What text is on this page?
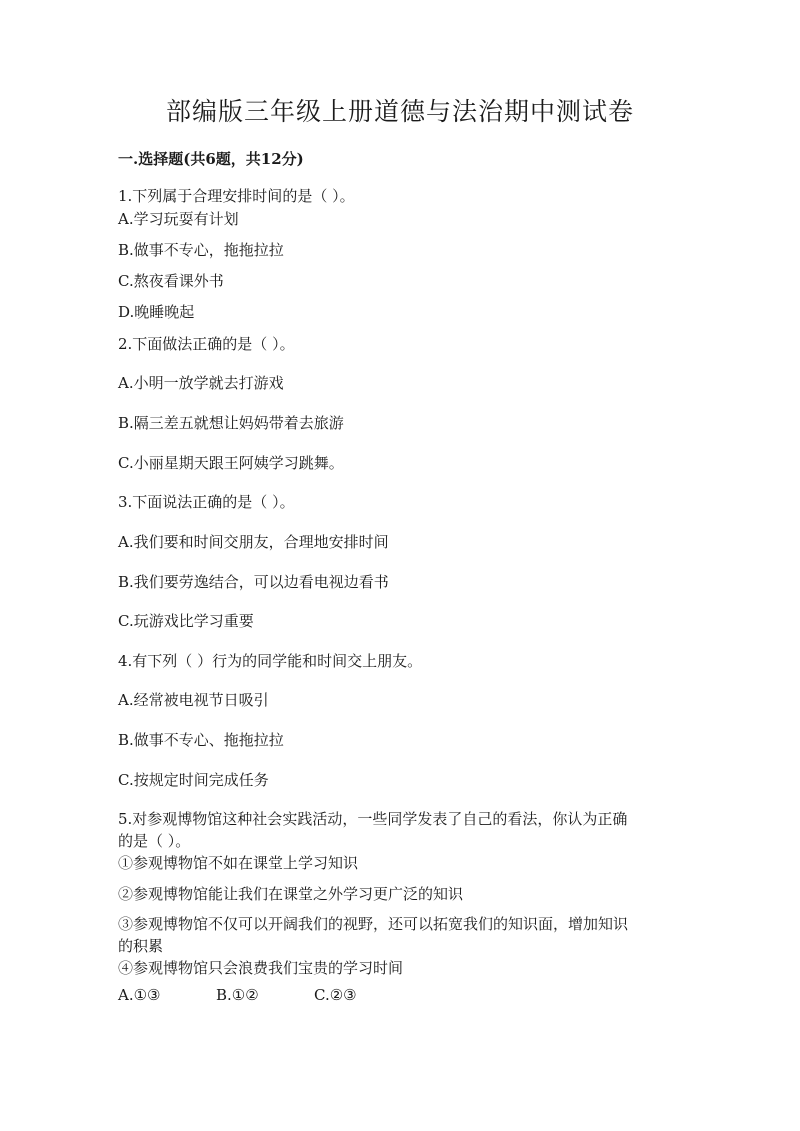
部编版三年级上册道德与法治期中测试卷
一.选择题(共6题，共12分)
1.下列属于合理安排时间的是（ ）。
A.学习玩耍有计划
B.做事不专心，拖拖拉拉
C.熬夜看课外书
D.晚睡晚起
2.下面做法正确的是（ ）。
A.小明一放学就去打游戏
B.隔三差五就想让妈妈带着去旅游
C.小丽星期天跟王阿姨学习跳舞。
3.下面说法正确的是（ ）。
A.我们要和时间交朋友，合理地安排时间
B.我们要劳逸结合，可以边看电视边看书
C.玩游戏比学习重要
4.有下列（ ）行为的同学能和时间交上朋友。
A.经常被电视节日吸引
B.做事不专心、拖拖拉拉
C.按规定时间完成任务
5.对参观博物馆这种社会实践活动，一些同学发表了自己的看法，你认为正确
的是（ ）。
①参观博物馆不如在课堂上学习知识
②参观博物馆能让我们在课堂之外学习更广泛的知识
③参观博物馆不仅可以开阔我们的视野，还可以拓宽我们的知识面，增加知识
的积累
④参观博物馆只会浪费我们宝贵的学习时间
A.①③	B.①②	C.②③
